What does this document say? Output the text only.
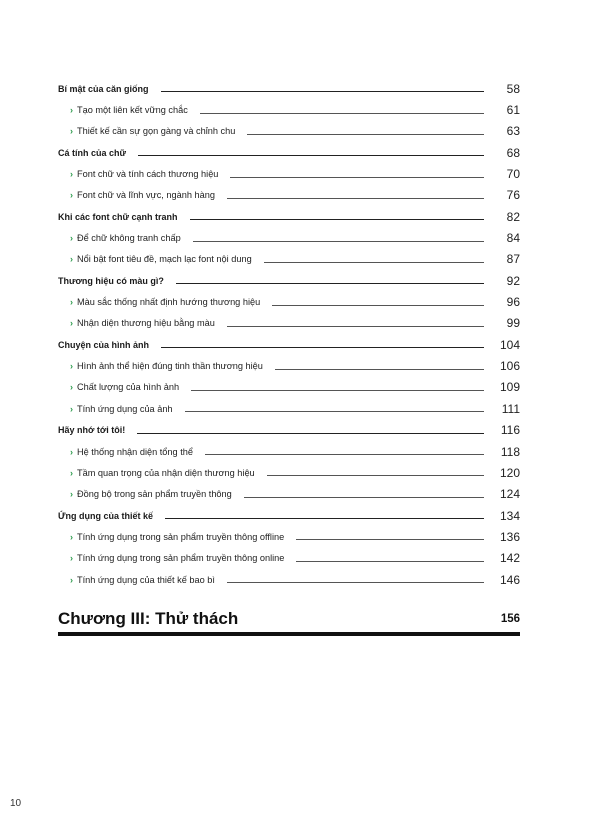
Bí mật của căn giống	58
› Tạo một liên kết vững chắc	61
› Thiết kế cần sự gọn gàng và chỉnh chu	63
Cá tính của chữ	68
› Font chữ và tính cách thương hiệu	70
› Font chữ và lĩnh vực, ngành hàng	76
Khi các font chữ cạnh tranh	82
› Để chữ không tranh chấp	84
› Nổi bật font tiêu đề, mạch lạc font nội dung	87
Thương hiệu có màu gì?	92
› Màu sắc thống nhất định hướng thương hiệu	96
› Nhận diện thương hiệu bằng màu	99
Chuyện của hình ảnh	104
› Hình ảnh thể hiện đúng tinh thần thương hiệu	106
› Chất lượng của hình ảnh	109
› Tính ứng dụng của ảnh	111
Hãy nhớ tới tôi!	116
› Hệ thống nhận diện tổng thể	118
› Tầm quan trọng của nhận diện thương hiệu	120
› Đồng bộ trong sản phẩm truyền thông	124
Ứng dụng của thiết kế	134
› Tính ứng dụng trong sản phẩm truyền thông offline	136
› Tính ứng dụng trong sản phẩm truyền thông online	142
› Tính ứng dụng của thiết kế bao bì	146
Chương III: Thử thách	156
10
